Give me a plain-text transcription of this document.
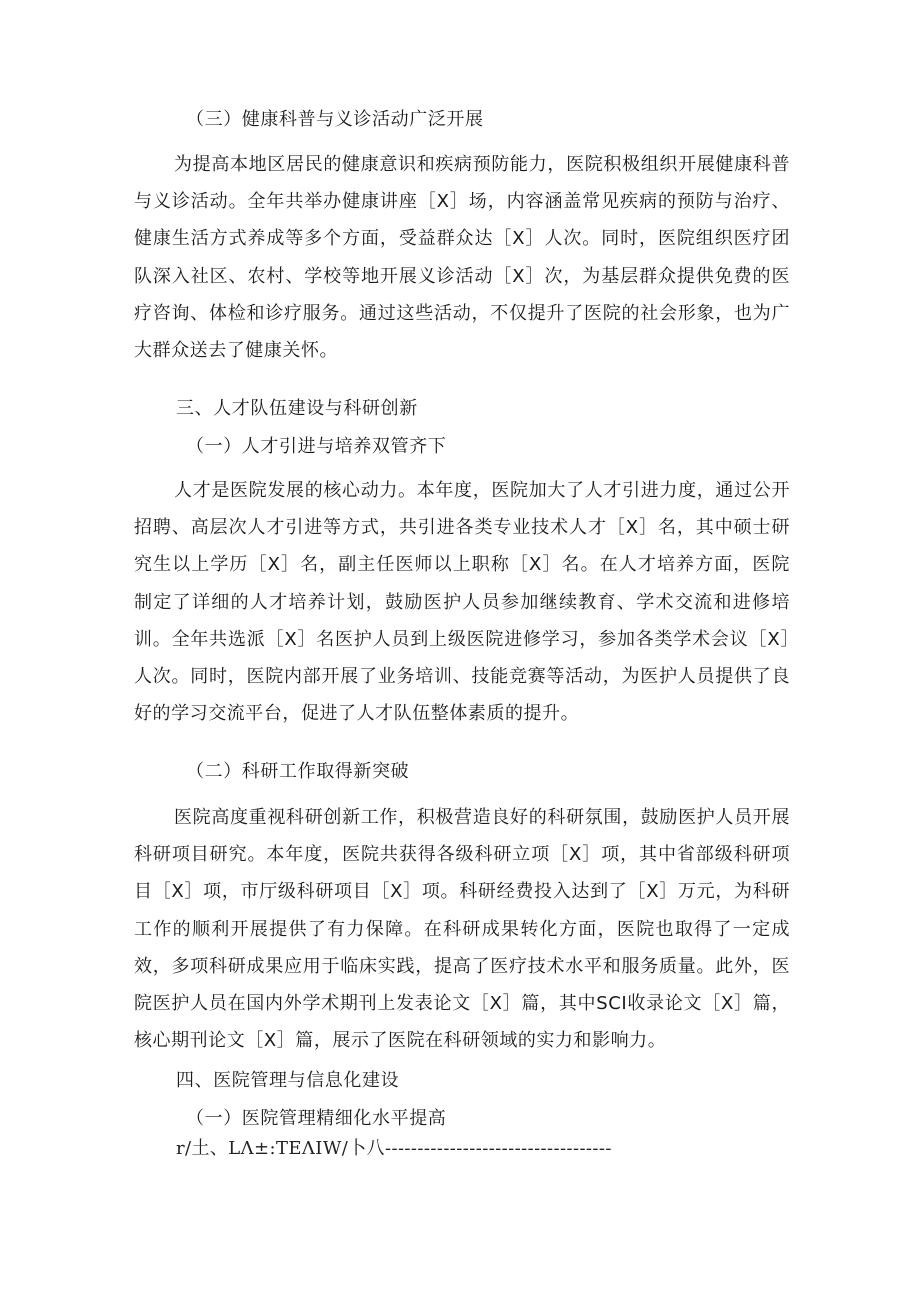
（三）健康科普与义诊活动广泛开展
为提高本地区居民的健康意识和疾病预防能力，医院积极组织开展健康科普与义诊活动。全年共举办健康讲座［X］场，内容涵盖常见疾病的预防与治疗、健康生活方式养成等多个方面，受益群众达［X］人次。同时，医院组织医疗团队深入社区、农村、学校等地开展义诊活动［X］次，为基层群众提供免费的医疗咨询、体检和诊疗服务。通过这些活动，不仅提升了医院的社会形象，也为广大群众送去了健康关怀。
三、人才队伍建设与科研创新
（一）人才引进与培养双管齐下
人才是医院发展的核心动力。本年度，医院加大了人才引进力度，通过公开招聘、高层次人才引进等方式，共引进各类专业技术人才［X］名，其中硕士研究生以上学历［X］名，副主任医师以上职称［X］名。在人才培养方面，医院制定了详细的人才培养计划，鼓励医护人员参加继续教育、学术交流和进修培训。全年共选派［X］名医护人员到上级医院进修学习，参加各类学术会议［X］人次。同时，医院内部开展了业务培训、技能竞赛等活动，为医护人员提供了良好的学习交流平台，促进了人才队伍整体素质的提升。
（二）科研工作取得新突破
医院高度重视科研创新工作，积极营造良好的科研氛围，鼓励医护人员开展科研项目研究。本年度，医院共获得各级科研立项［X］项，其中省部级科研项目［X］项，市厅级科研项目［X］项。科研经费投入达到了［X］万元，为科研工作的顺利开展提供了有力保障。在科研成果转化方面，医院也取得了一定成效，多项科研成果应用于临床实践，提高了医疗技术水平和服务质量。此外，医院医护人员在国内外学术期刊上发表论文［X］篇，其中SCI收录论文［X］篇，核心期刊论文［X］篇，展示了医院在科研领域的实力和影响力。
四、医院管理与信息化建设
（一）医院管理精细化水平提高
r/土、LΛ±:TEΛIW/卜八-----------------------------------
